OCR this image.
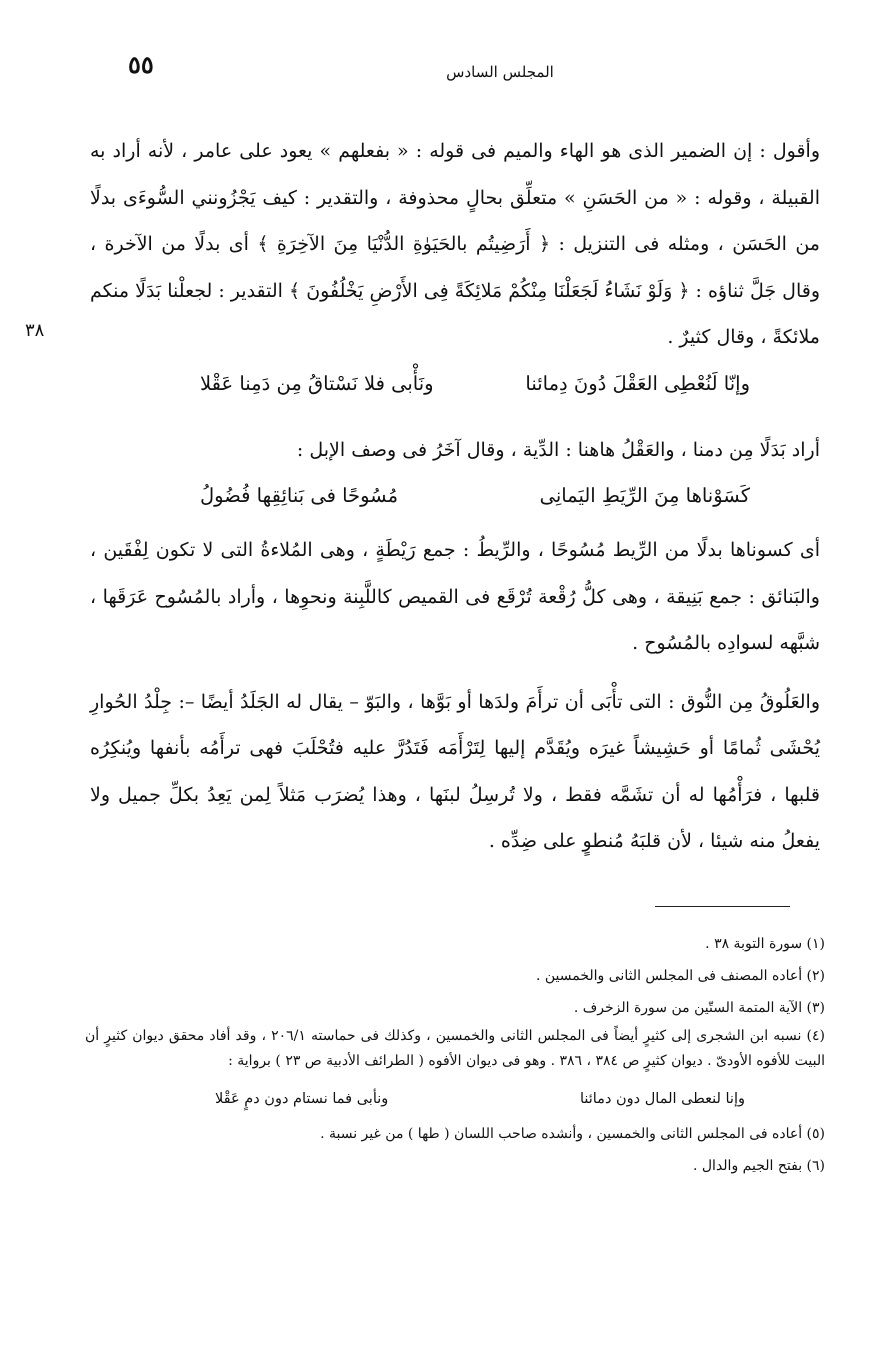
٥٥	المجلس السادس
٣٨

وأقول : إن الضمير الذى هو الهاء والميم فى قوله : « بفعلهم » يعود على عامر ، لأنه أراد به القبيلة ، وقوله : « من الحَسَنِ » متعلِّق بحالٍ محذوفة ، والتقدير : كيف يَجْزُونني السُّوءَى بدلًا من الحَسَن ، ومثله فى التنزيل : ﴿ أَرَضِيتُم بالحَيَوٰةِ الدُّنْيَا مِنَ الآخِرَةِ ﴾ أى بدلًا من الآخرة ، وقال جَلَّ ثناؤه : ﴿ وَلَوْ نَشَاءُ لَجَعَلْنَا مِنْكُمْ مَلائِكَةً فِى الأَرْضِ يَخْلُفُونَ ﴾ التقدير : لجعلْنا بَدَلًا منكم ملائكةً ، وقال كثيرٌ .

وإنّا لَنُعْطِى العَقْلَ دُونَ دِمائنا
ونَأْبى فلا نَسْتاقُ مِن دَمِنا عَقْلا

أراد بَدَلًا مِن دمنا ، والعَقْلُ هاهنا : الدِّية ، وقال آخَرُ فى وصف الإبل :

كَسَوْناها مِنَ الرِّيَطِ اليَمانِى
مُسُوحًا فى بَنائِقِها فُضُولُ

أى كسوناها بدلًا من الرِّيط مُسُوحًا ، والرِّيطُ : جمع رَيْطَةٍ ، وهى المُلاءةُ التى لا تكون لِفْقَين ، والبَنائق : جمع بَنِيقة ، وهى كلُّ رُقْعة تُرْقَع فى القميص كاللَّبِنة ونحوِها ، وأراد بالمُسُوح عَرَقَها ، شبَّهه لسوادِه بالمُسُوح .

والعَلُوقُ مِن النُّوق : التى تأْبَى أن ترأَمَ ولدَها أو بَوَّها ، والبَوّ – يقال له الجَلَدُ أيضًا –: جِلْدُ الحُوارِ يُحْشَى ثُمامًا أو حَشِيشاً غيرَه ويُقَدَّم إليها لِتَرْأَمَه فَتَدُرَّ عليه فتُحْلَبَ فهى ترأَمُه بأنفها ويُنكِرُه قلبها ، فرَأْمُها له أن تشَمَّه فقط ، ولا تُرسِلُ لبنَها ، وهذا يُضرَب مَثلاً لِمن يَعِدُ بكلِّ جميل ولا يفعلُ منه شيئا ، لأن قلبَهُ مُنطوٍ على ضِدِّه .

(١) سورة التوبة ٣٨ .

(٢) أعاده المصنف فى المجلس الثانى والخمسين .

(٣) الآية المتمة الستّين من سورة الزخرف .

(٤) نسبه ابن الشجرى إلى كثيرٍ أيضاً فى المجلس الثانى والخمسين ، وكذلك فى حماسته ٢٠٦/١ ، وقد أفاد محقق ديوان كثيرٍ أن البيت للأفوه الأودىّ . ديوان كثيرٍ ص ٣٨٤ ، ٣٨٦ . وهو فى ديوان الأفوه ( الطرائف الأدبية ص ٢٣ ) برواية :

وإنا لنعطى المال دون دمائنا
ونأبى فما نستام دون دمٍ عَقْلا

(٥) أعاده فى المجلس الثانى والخمسين ، وأنشده صاحب اللسان ( طها ) من غير نسبة .

(٦) بفتح الجيم والدال .
